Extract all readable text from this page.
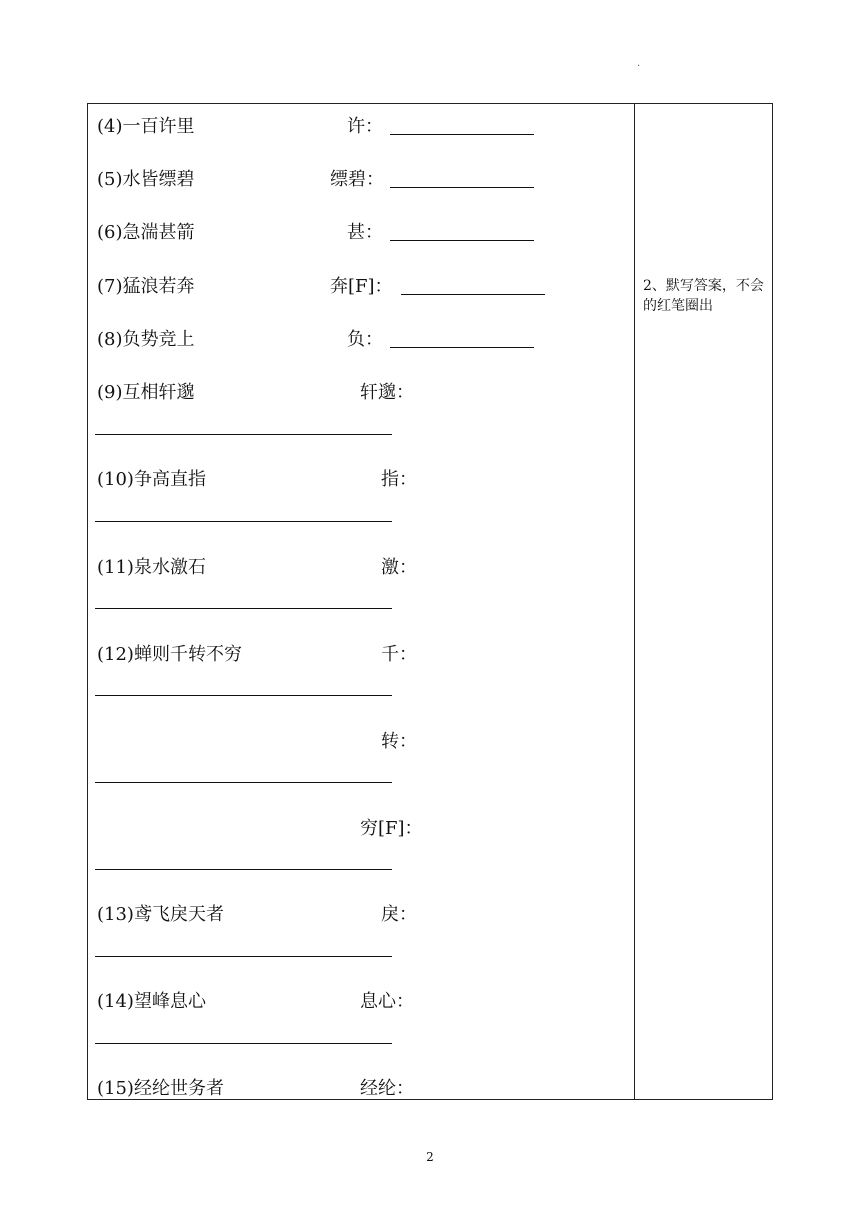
.
(4)一百许里	许：
(5)水皆缥碧	缥碧：
(6)急湍甚箭	甚：
(7)猛浪若奔	奔[F]：
(8)负势竞上	负：
(9)互相轩邈	轩邈：
(10)争高直指	指：
(11)泉水激石	激：
(12)蝉则千转不穷	千：
转：
穷[F]：
(13)鸢飞戾天者	戾：
(14)望峰息心	息心：
(15)经纶世务者	经纶：
2、默写答案，不会的红笔圈出
2
